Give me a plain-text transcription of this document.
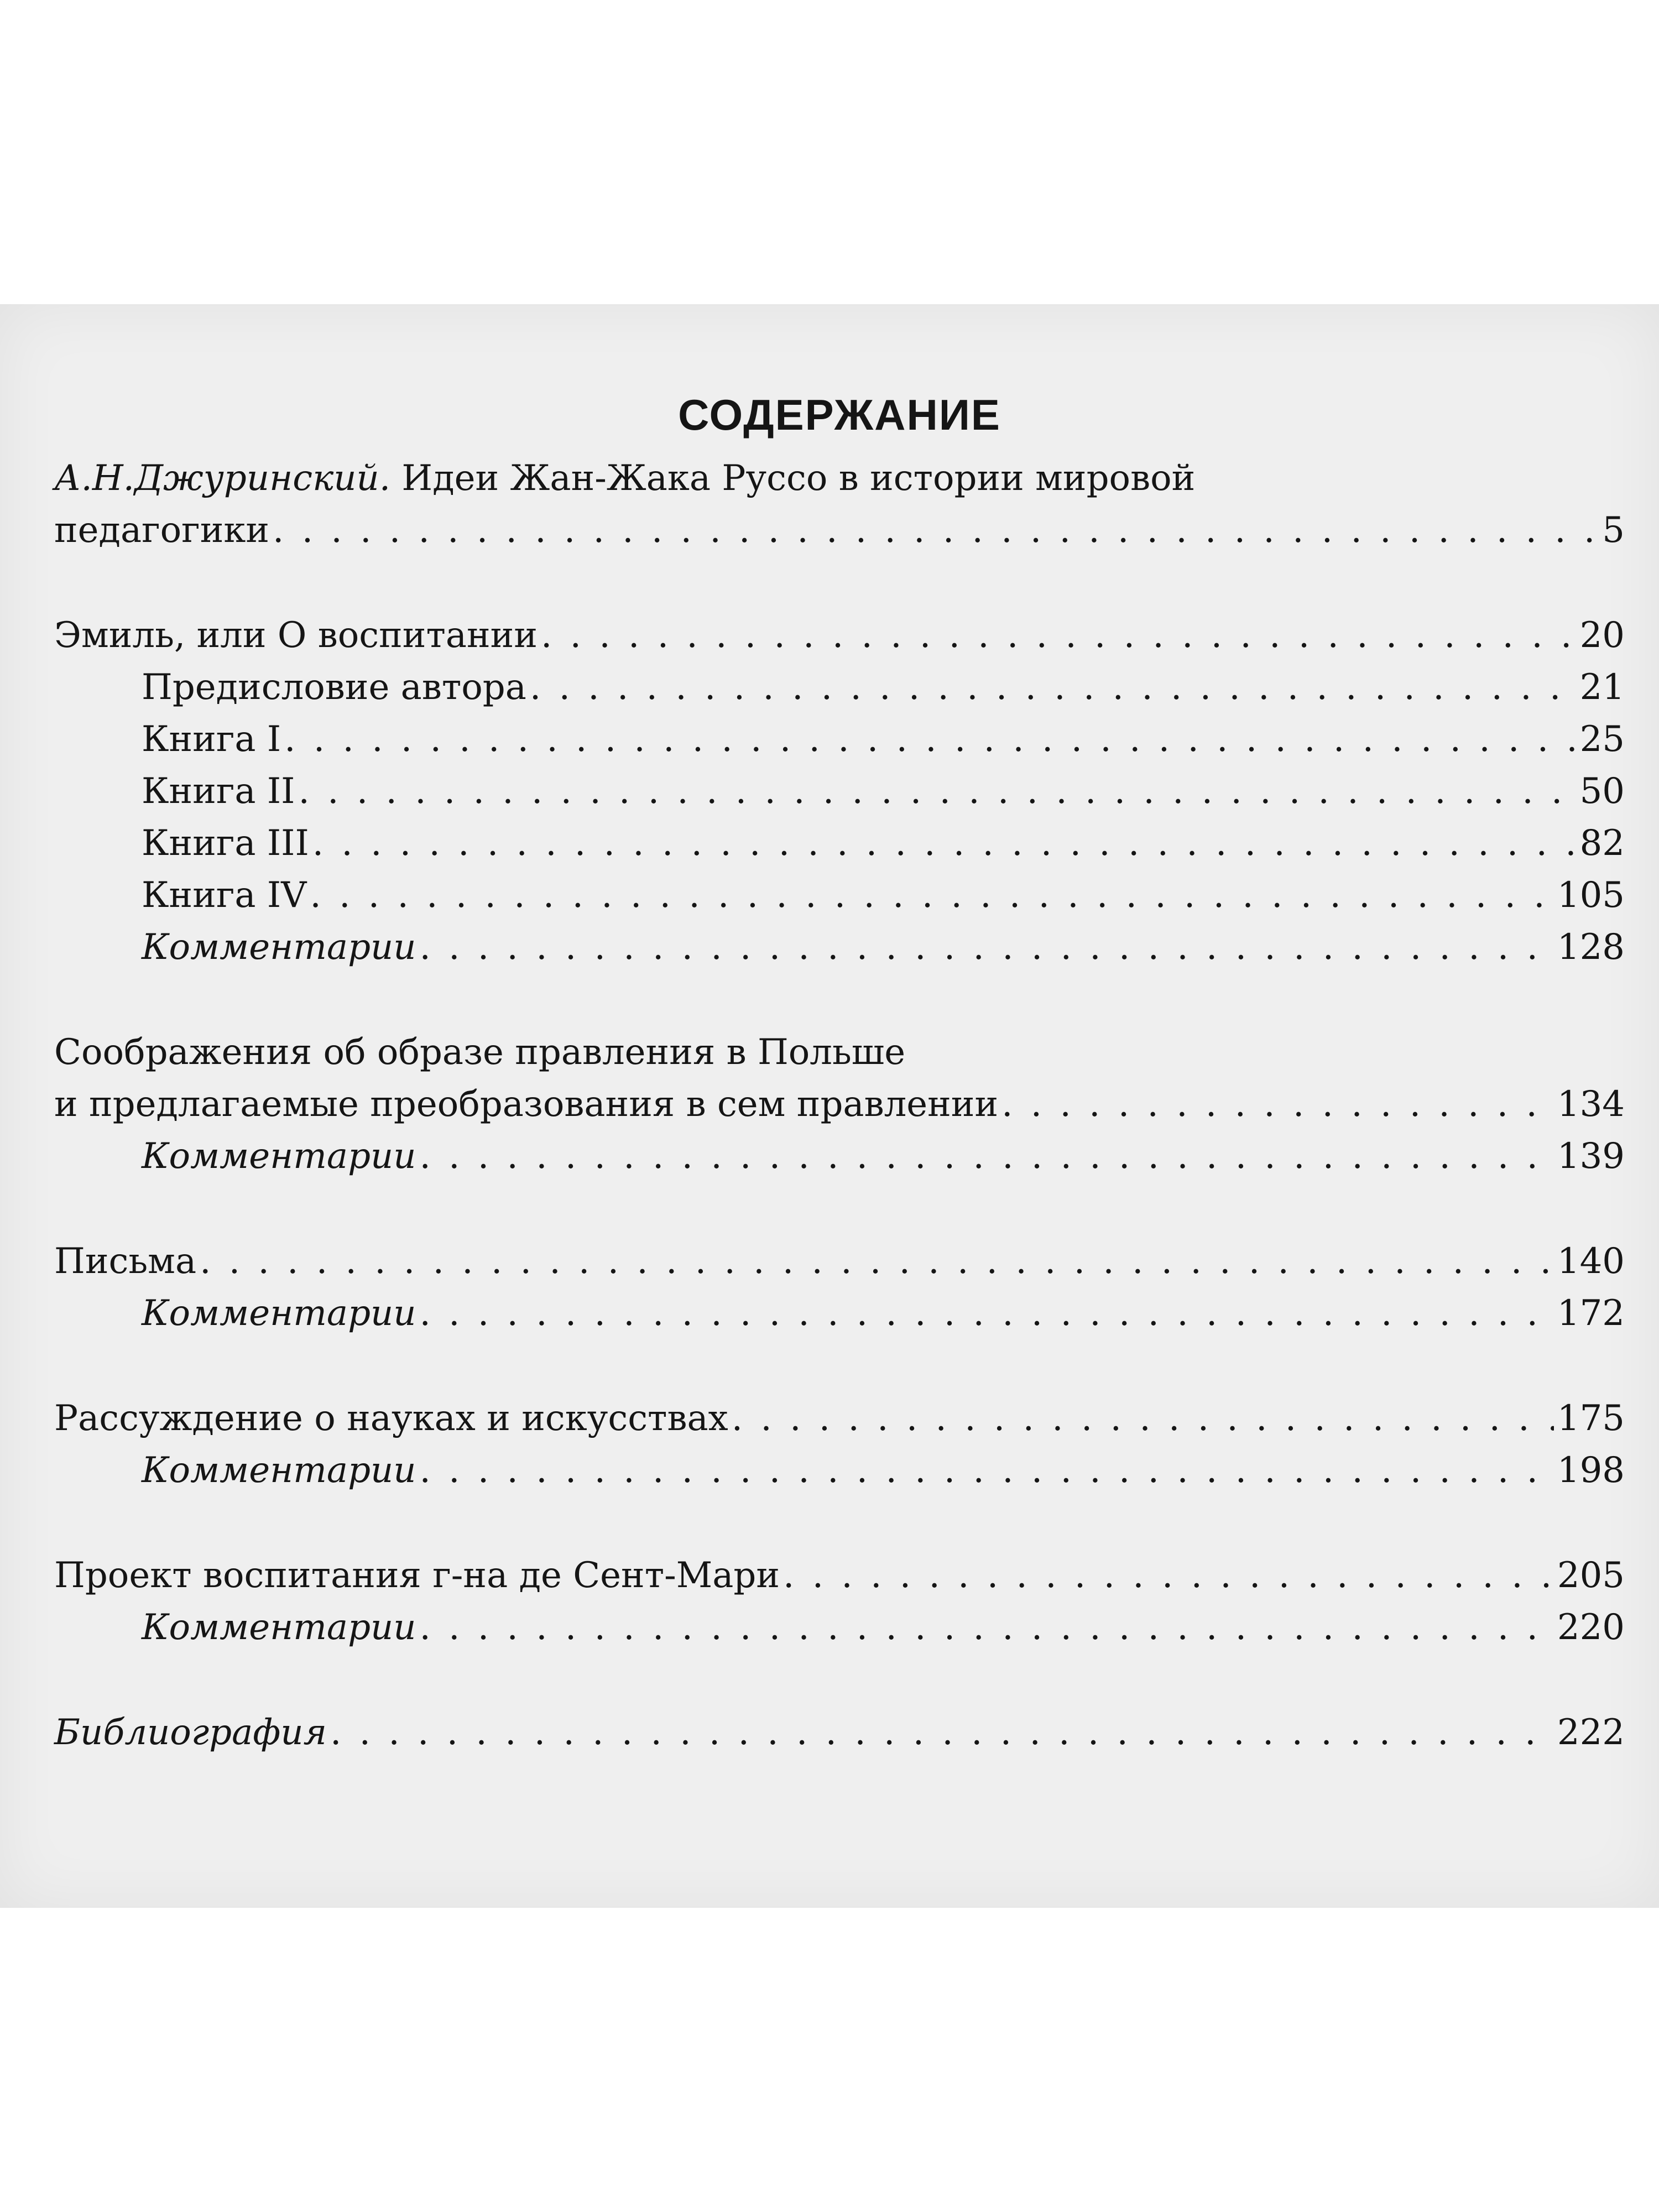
СОДЕРЖАНИЕ
А.Н.Джуринский. Идеи Жан-Жака Руссо в истории мировой
педагогики . . .	5
Эмиль, или О воспитании . . .	20
Предисловие автора . . .	21
Книга I . . .	25
Книга II . . .	50
Книга III . . .	82
Книга IV . . .	105
Комментарии . . .	128
Соображения об образе правления в Польше
и предлагаемые преобразования в сем правлении . . .	134
Комментарии . . .	139
Письма . . .	140
Комментарии . . .	172
Рассуждение о науках и искусствах . . .	175
Комментарии . . .	198
Проект воспитания г-на де Сент-Мари . . .	205
Комментарии . . .	220
Библиография . . .	222
